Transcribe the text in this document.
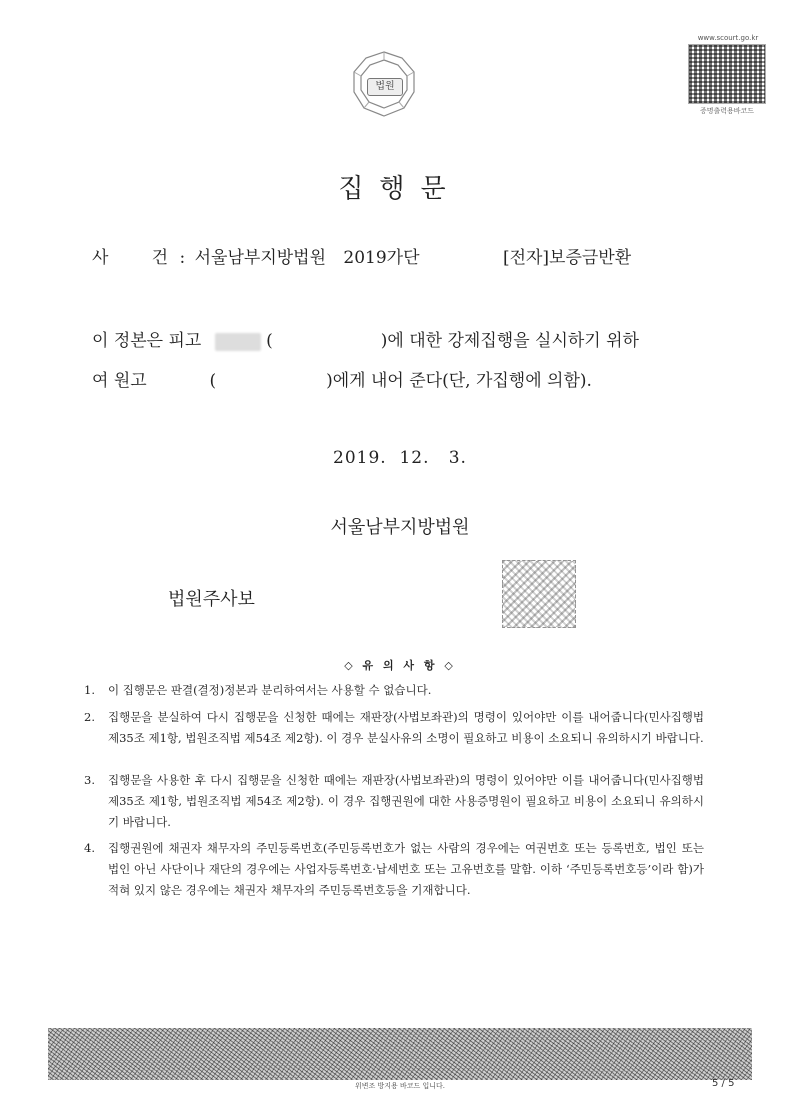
법원
www.scourt.go.kr
증명출력용바코드
집행문
사        건 : 서울남부지방법원 2019가단	[전자]보증금반환
이 정본은 피고	(	)에 대한 강제집행을 실시하기 위하
여 원고	(	)에게 내어 준다(단, 가집행에 의함).
2019.  12.   3.
서울남부지방법원
법원주사보
◇ 유 의 사 항 ◇
1. 이 집행문은 판결(결정)정본과 분리하여서는 사용할 수 없습니다.
2. 집행문을 분실하여 다시 집행문을 신청한 때에는 재판장(사법보좌관)의 명령이 있어야만 이를 내어줍니다(민사집행법 제35조 제1항, 법원조직법 제54조 제2항). 이 경우 분실사유의 소명이 필요하고 비용이 소요되니 유의하시기 바랍니다.
3. 집행문을 사용한 후 다시 집행문을 신청한 때에는 재판장(사법보좌관)의 명령이 있어야만 이를 내어줍니다(민사집행법 제35조 제1항, 법원조직법 제54조 제2항). 이 경우 집행권원에 대한 사용증명원이 필요하고 비용이 소요되니 유의하시기 바랍니다.
4. 집행권원에 채권자 채무자의 주민등록번호(주민등록번호가 없는 사람의 경우에는 여권번호 또는 등록번호, 법인 또는 법인 아닌 사단이나 재단의 경우에는 사업자등록번호·납세번호 또는 고유번호를 말함. 이하 ‘주민등록번호등’이라 함)가 적혀 있지 않은 경우에는 채권자 채무자의 주민등록번호등을 기재합니다.
위변조 방지용 바코드 입니다.	5 / 5
